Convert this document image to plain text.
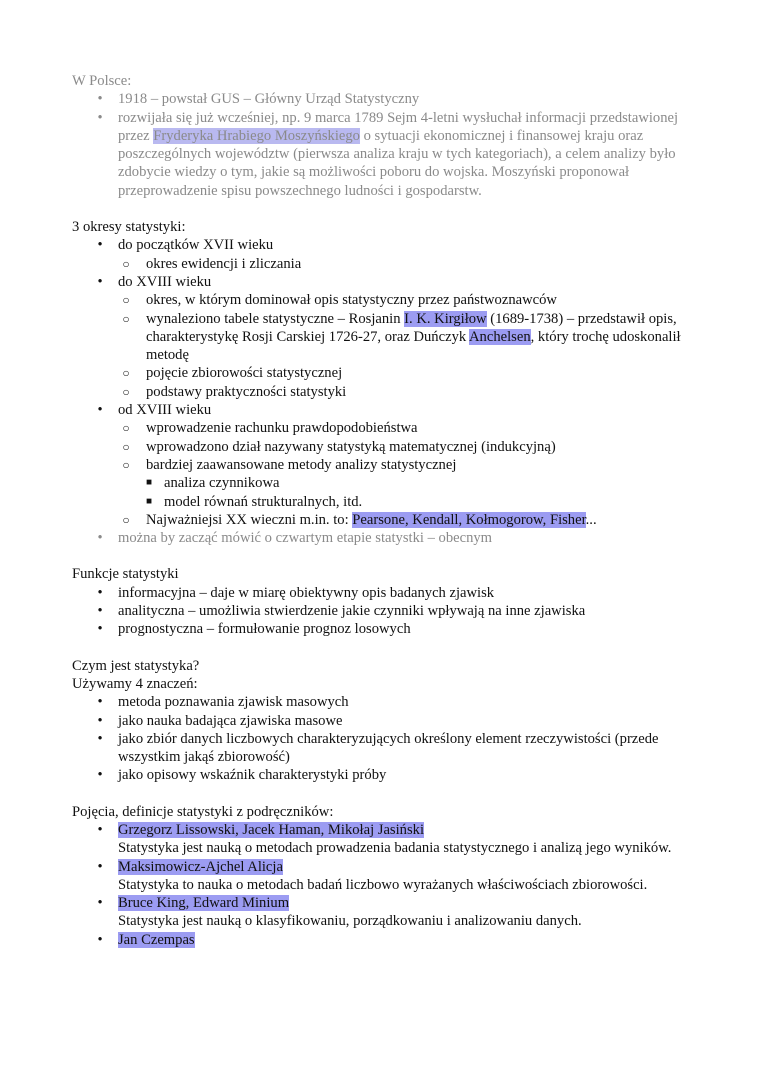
W Polsce:

• 1918 – powstał GUS – Główny Urząd Statystyczny
• rozwijała się już wcześniej, np. 9 marca 1789 Sejm 4-letni wysłuchał informacji przedstawionej przez Fryderyka Hrabiego Moszyńskiego o sytuacji ekonomicznej i finansowej kraju oraz poszczególnych województw (pierwsza analiza kraju w tych kategoriach), a celem analizy było zdobycie wiedzy o tym, jakie są możliwości poboru do wojska. Moszyński proponował przeprowadzenie spisu powszechnego ludności i gospodarstw.

3 okresy statystyki:

• do początków XVII wieku
○ okres ewidencji i zliczania
• do XVIII wieku
○ okres, w którym dominował opis statystyczny przez państwoznawców
○ wynaleziono tabele statystyczne – Rosjanin I. K. Kirgiłow (1689-1738) – przedstawił opis, charakterystykę Rosji Carskiej 1726-27, oraz Duńczyk Anchelsen, który trochę udoskonalił metodę
○ pojęcie zbiorowości statystycznej
○ podstawy praktyczności statystyki
• od XVIII wieku
○ wprowadzenie rachunku prawdopodobieństwa
○ wprowadzono dział nazywany statystyką matematycznej (indukcyjną)
○ bardziej zaawansowane metody analizy statystycznej
■ analiza czynnikowa
■ model równań strukturalnych, itd.
○ Najważniejsi XX wieczni m.in. to: Pearsone, Kendall, Kołmogorow, Fisher...
• można by zacząć mówić o czwartym etapie statystki – obecnym

Funkcje statystyki

• informacyjna – daje w miarę obiektywny opis badanych zjawisk
• analityczna – umożliwia stwierdzenie jakie czynniki wpływają na inne zjawiska
• prognostyczna – formułowanie prognoz losowych

Czym jest statystyka?

Używamy 4 znaczeń:

• metoda poznawania zjawisk masowych
• jako nauka badająca zjawiska masowe
• jako zbiór danych liczbowych charakteryzujących określony element rzeczywistości (przede wszystkim jakąś zbiorowość)
• jako opisowy wskaźnik charakterystyki próby

Pojęcia, definicje statystyki z podręczników:

• Grzegorz Lissowski, Jacek Haman, Mikołaj Jasiński
Statystyka jest nauką o metodach prowadzenia badania statystycznego i analizą jego wyników.
• Maksimowicz-Ajchel Alicja
Statystyka to nauka o metodach badań liczbowo wyrażanych właściwościach zbiorowości.
• Bruce King, Edward Minium
Statystyka jest nauką o klasyfikowaniu, porządkowaniu i analizowaniu danych.
• Jan Czempas
